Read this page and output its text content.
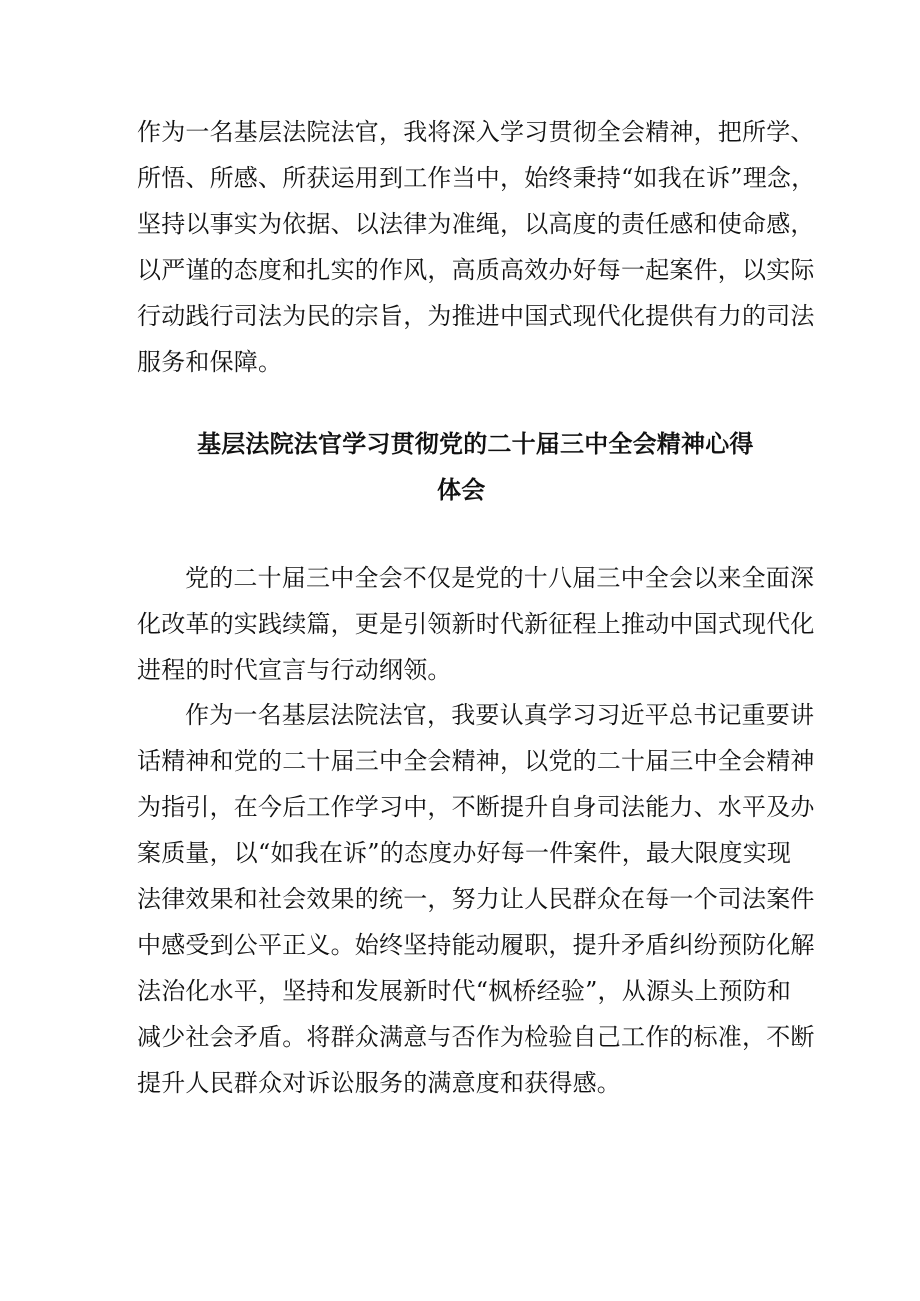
作为一名基层法院法官，我将深入学习贯彻全会精神，把所学、
所悟、所感、所获运用到工作当中，始终秉持“如我在诉”理念，
坚持以事实为依据、以法律为准绳，以高度的责任感和使命感，
以严谨的态度和扎实的作风，高质高效办好每一起案件，以实际
行动践行司法为民的宗旨，为推进中国式现代化提供有力的司法
服务和保障。
基层法院法官学习贯彻党的二十届三中全会精神心得
体会
党的二十届三中全会不仅是党的十八届三中全会以来全面深
化改革的实践续篇，更是引领新时代新征程上推动中国式现代化
进程的时代宣言与行动纲领。
作为一名基层法院法官，我要认真学习习近平总书记重要讲
话精神和党的二十届三中全会精神，以党的二十届三中全会精神
为指引，在今后工作学习中，不断提升自身司法能力、水平及办
案质量，以“如我在诉”的态度办好每一件案件，最大限度实现
法律效果和社会效果的统一，努力让人民群众在每一个司法案件
中感受到公平正义。始终坚持能动履职，提升矛盾纠纷预防化解
法治化水平，坚持和发展新时代“枫桥经验”，从源头上预防和
减少社会矛盾。将群众满意与否作为检验自己工作的标准，不断
提升人民群众对诉讼服务的满意度和获得感。
